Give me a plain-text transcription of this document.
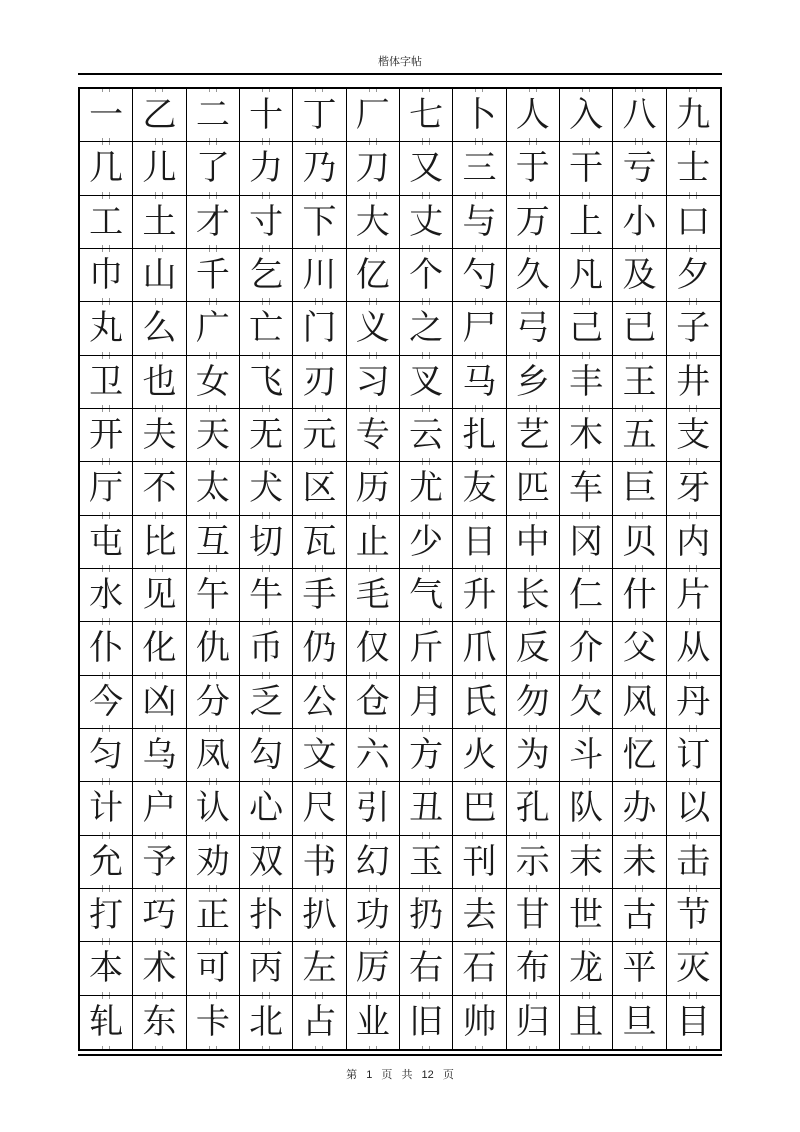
楷体字帖
一 乙 二 十 丁 厂 七 卜 人 入 八 九
几 儿 了 力 乃 刀 又 三 于 干 亏 士
工 土 才 寸 下 大 丈 与 万 上 小 口
巾 山 千 乞 川 亿 个 勺 久 凡 及 夕
丸 么 广 亡 门 义 之 尸 弓 己 已 子
卫 也 女 飞 刃 习 叉 马 乡 丰 王 井
开 夫 天 无 元 专 云 扎 艺 木 五 支
厅 不 太 犬 区 历 尤 友 匹 车 巨 牙
屯 比 互 切 瓦 止 少 日 中 冈 贝 内
水 见 午 牛 手 毛 气 升 长 仁 什 片
仆 化 仇 币 仍 仅 斤 爪 反 介 父 从
今 凶 分 乏 公 仓 月 氏 勿 欠 风 丹
匀 乌 凤 勾 文 六 方 火 为 斗 忆 订
计 户 认 心 尺 引 丑 巴 孔 队 办 以
允 予 劝 双 书 幻 玉 刊 示 末 未 击
打 巧 正 扑 扒 功 扔 去 甘 世 古 节
本 术 可 丙 左 厉 右 石 布 龙 平 灭
轧 东 卡 北 占 业 旧 帅 归 且 旦 目
第 1 页 共 12 页
